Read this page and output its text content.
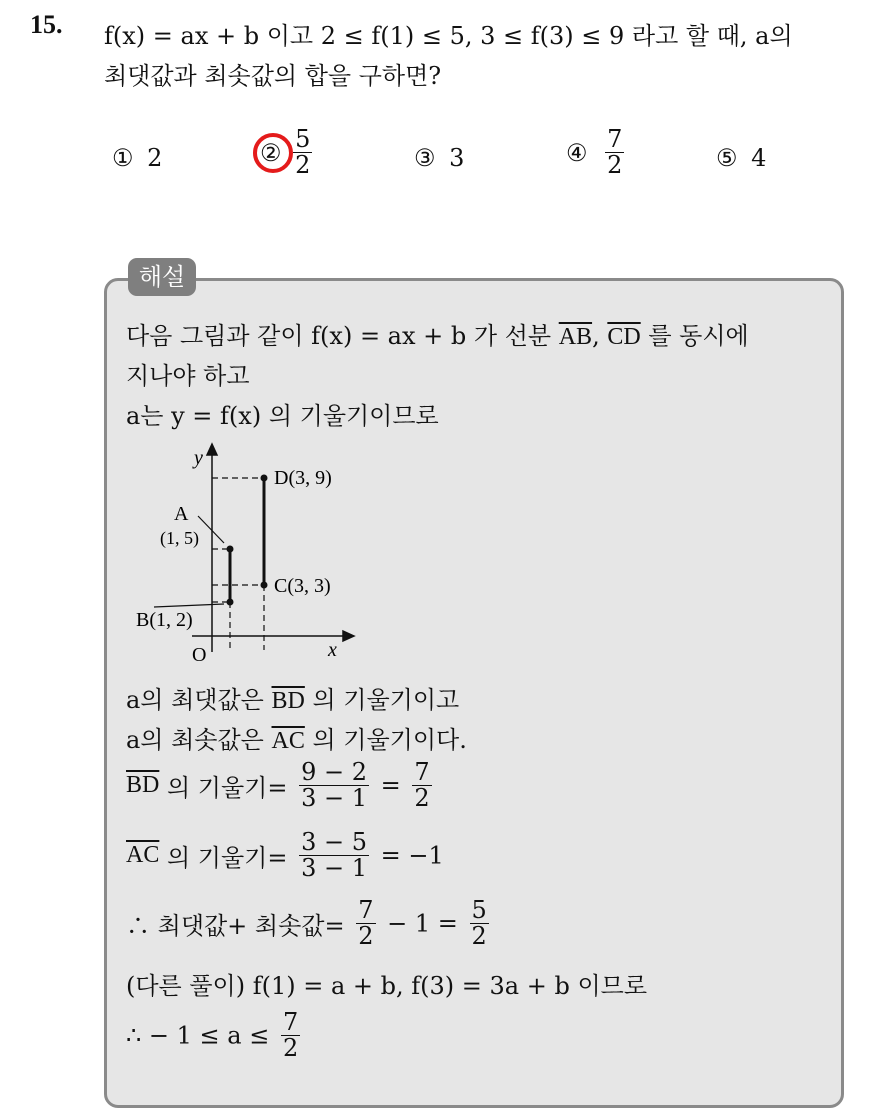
15. f(x) = ax + b 이고 2 ≤ f(1) ≤ 5, 3 ≤ f(3) ≤ 9 라고 할 때, a의
최댓값과 최솟값의 합을 구하면?
① 2	② $\frac{5}{2}$	③ 3	④ $\frac{7}{2}$	⑤ 4
해설
다음 그림과 같이 f(x) = ax + b 가 선분 $\overline{AB}$, $\overline{CD}$ 를 동시에
지나야 하고
a는 y = f(x) 의 기울기이므로
y
x
O
A
(1, 5)
B(1, 2)
C(3, 3)
D(3, 9)
a의 최댓값은 $\overline{BD}$ 의 기울기이고
a의 최솟값은 $\overline{AC}$ 의 기울기이다.
$\overline{BD}$ 의 기울기= $\frac{9 - 2}{3 - 1} = \frac{7}{2}$
$\overline{AC}$ 의 기울기= $\frac{3 - 5}{3 - 1} = -1$
∴ 최댓값+ 최솟값= $\frac{7}{2} - 1 = \frac{5}{2}$
(다른 풀이) f(1) = a + b, f(3) = 3a + b 이므로
∴ − $1 \le a \le \frac{7}{2}$
